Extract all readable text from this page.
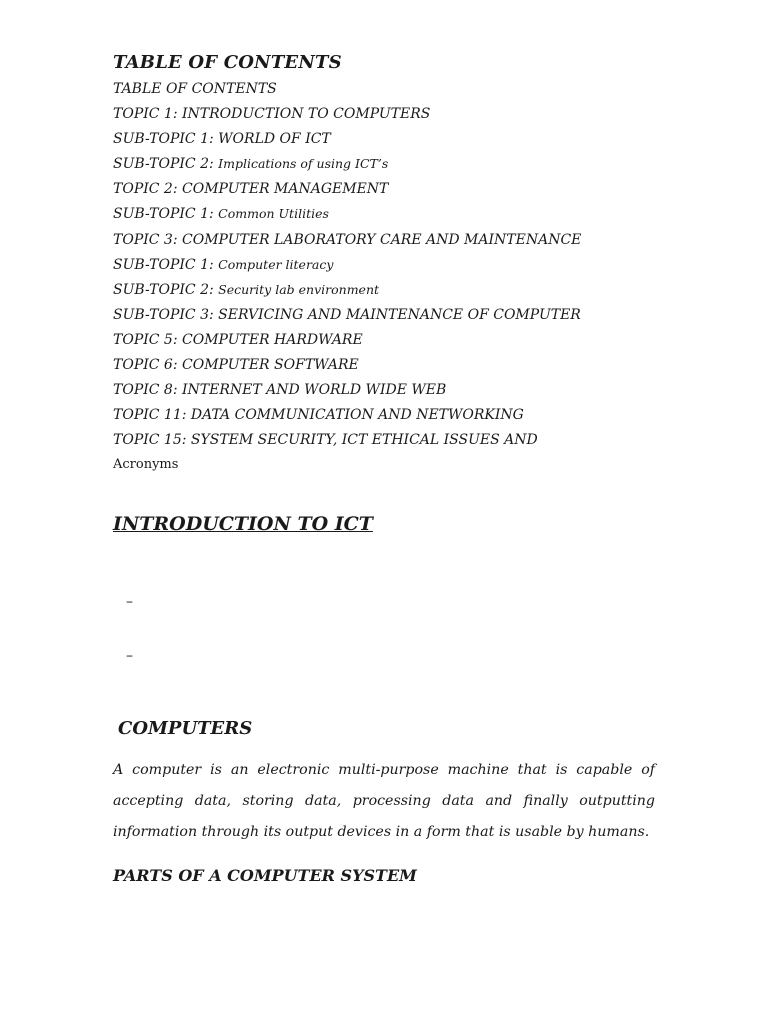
TABLE OF CONTENTS
TABLE OF CONTENTS
TOPIC 1: INTRODUCTION TO COMPUTERS
SUB-TOPIC 1: WORLD OF ICT
SUB-TOPIC 2: Implications of using ICT’s
TOPIC 2: COMPUTER MANAGEMENT
SUB-TOPIC 1: Common Utilities
TOPIC 3: COMPUTER LABORATORY CARE AND MAINTENANCE
SUB-TOPIC 1: Computer literacy
SUB-TOPIC 2: Security lab environment
SUB-TOPIC 3: SERVICING AND MAINTENANCE OF COMPUTER
TOPIC 5: COMPUTER HARDWARE
TOPIC 6: COMPUTER SOFTWARE
TOPIC 8: INTERNET AND WORLD WIDE WEB
TOPIC 11: DATA COMMUNICATION AND NETWORKING
TOPIC 15: SYSTEM SECURITY, ICT ETHICAL ISSUES AND
Acronyms
INTRODUCTION TO ICT
–
–
COMPUTERS

A computer is an electronic multi-purpose machine that is capable of accepting data, storing data, processing data and finally outputting information through its output devices in a form that is usable by humans.

PARTS OF A COMPUTER SYSTEM
